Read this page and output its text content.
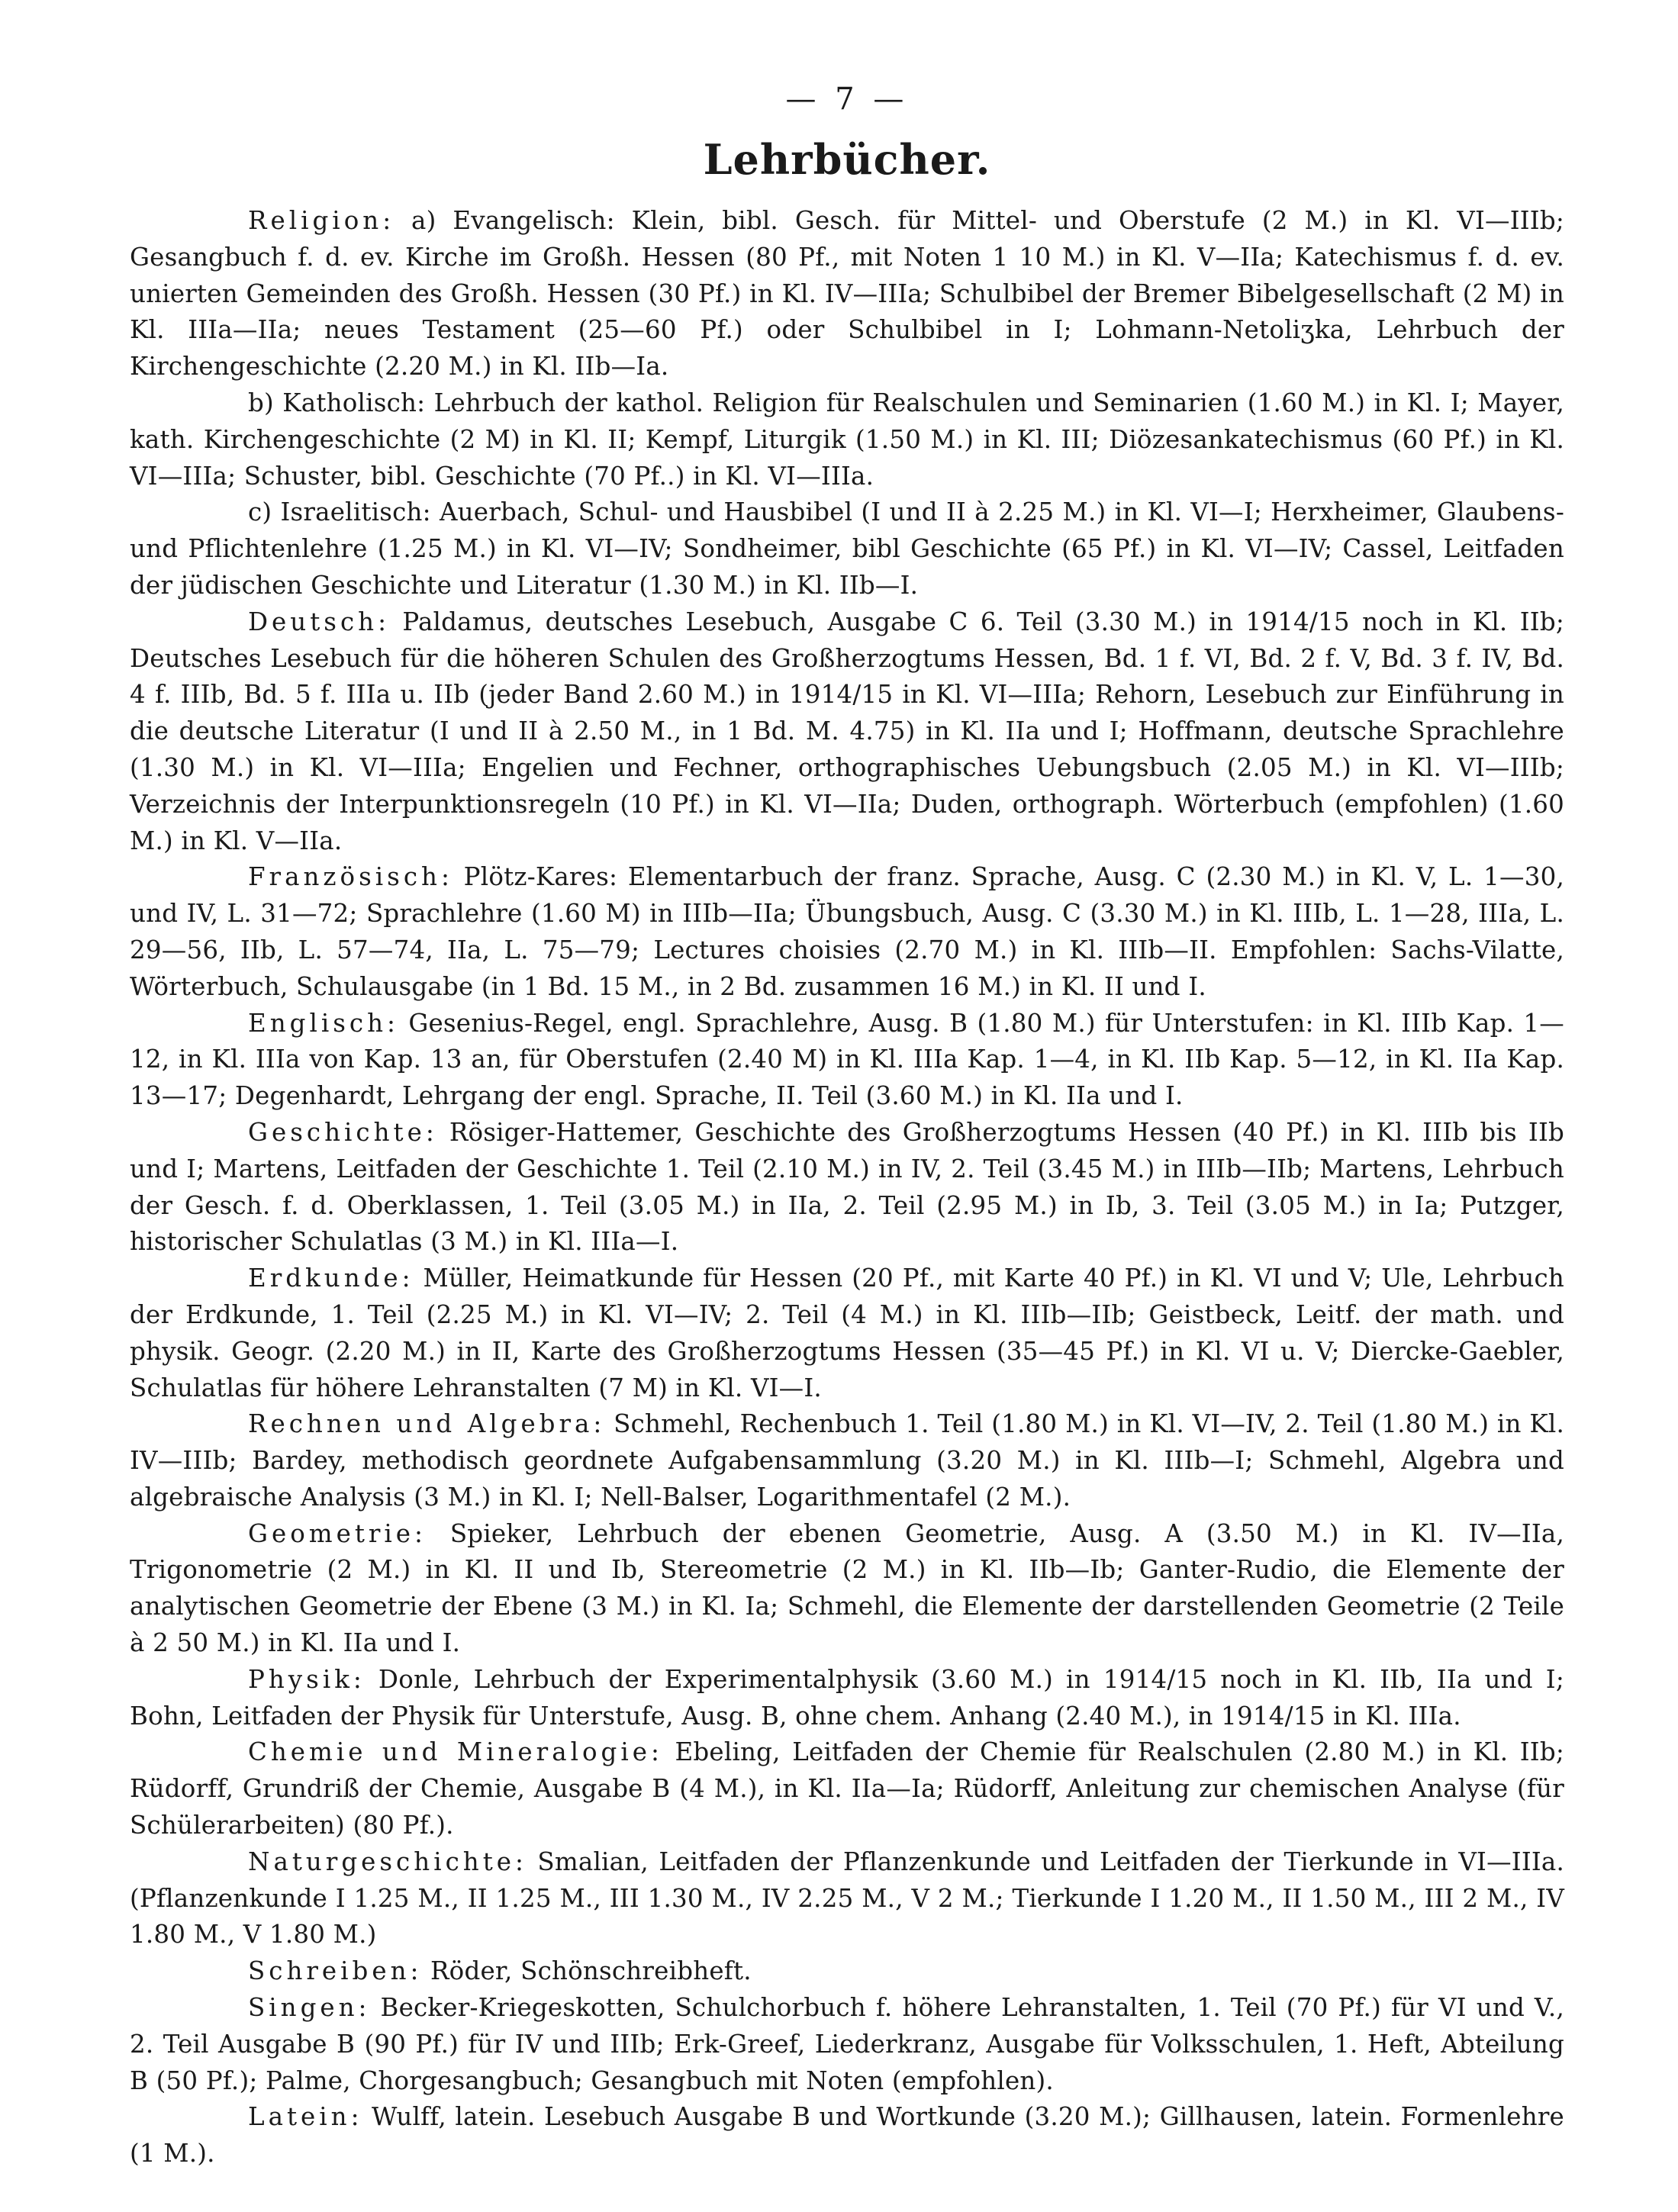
— 7 —
Lehrbücher.

Religion: a) Evangelisch: Klein, bibl. Gesch. für Mittel- und Oberstufe (2 M.) in Kl. VI—IIIb; Gesangbuch f. d. ev. Kirche im Großh. Hessen (80 Pf., mit Noten 1 10 M.) in Kl. V—IIa; Katechismus f. d. ev. unierten Gemeinden des Großh. Hessen (30 Pf.) in Kl. IV—IIIa; Schulbibel der Bremer Bibelgesellschaft (2 M) in Kl. IIIa—IIa; neues Testament (25—60 Pf.) oder Schulbibel in I; Lohmann-Netoliʒka, Lehrbuch der Kirchengeschichte (2.20 M.) in Kl. IIb—Ia.

b) Katholisch: Lehrbuch der kathol. Religion für Realschulen und Seminarien (1.60 M.) in Kl. I; Mayer, kath. Kirchengeschichte (2 M) in Kl. II; Kempf, Liturgik (1.50 M.) in Kl. III; Diözesankatechismus (60 Pf.) in Kl. VI—IIIa; Schuster, bibl. Geschichte (70 Pf..) in Kl. VI—IIIa.

c) Israelitisch: Auerbach, Schul- und Hausbibel (I und II à 2.25 M.) in Kl. VI—I; Herxheimer, Glaubens- und Pflichtenlehre (1.25 M.) in Kl. VI—IV; Sondheimer, bibl Geschichte (65 Pf.) in Kl. VI—IV; Cassel, Leitfaden der jüdischen Geschichte und Literatur (1.30 M.) in Kl. IIb—I.

Deutsch: Paldamus, deutsches Lesebuch, Ausgabe C 6. Teil (3.30 M.) in 1914/15 noch in Kl. IIb; Deutsches Lesebuch für die höheren Schulen des Großherzogtums Hessen, Bd. 1 f. VI, Bd. 2 f. V, Bd. 3 f. IV, Bd. 4 f. IIIb, Bd. 5 f. IIIa u. IIb (jeder Band 2.60 M.) in 1914/15 in Kl. VI—IIIa; Rehorn, Lesebuch zur Einführung in die deutsche Literatur (I und II à 2.50 M., in 1 Bd. M. 4.75) in Kl. IIa und I; Hoffmann, deutsche Sprachlehre (1.30 M.) in Kl. VI—IIIa; Engelien und Fechner, orthographisches Uebungsbuch (2.05 M.) in Kl. VI—IIIb; Verzeichnis der Interpunktionsregeln (10 Pf.) in Kl. VI—IIa; Duden, orthograph. Wörterbuch (empfohlen) (1.60 M.) in Kl. V—IIa.

Französisch: Plötz-Kares: Elementarbuch der franz. Sprache, Ausg. C (2.30 M.) in Kl. V, L. 1—30, und IV, L. 31—72; Sprachlehre (1.60 M) in IIIb—IIa; Übungsbuch, Ausg. C (3.30 M.) in Kl. IIIb, L. 1—28, IIIa, L. 29—56, IIb, L. 57—74, IIa, L. 75—79; Lectures choisies (2.70 M.) in Kl. IIIb—II. Empfohlen: Sachs-Vilatte, Wörterbuch, Schulausgabe (in 1 Bd. 15 M., in 2 Bd. zusammen 16 M.) in Kl. II und I.

Englisch: Gesenius-Regel, engl. Sprachlehre, Ausg. B (1.80 M.) für Unterstufen: in Kl. IIIb Kap. 1—12, in Kl. IIIa von Kap. 13 an, für Oberstufen (2.40 M) in Kl. IIIa Kap. 1—4, in Kl. IIb Kap. 5—12, in Kl. IIa Kap. 13—17; Degenhardt, Lehrgang der engl. Sprache, II. Teil (3.60 M.) in Kl. IIa und I.

Geschichte: Rösiger-Hattemer, Geschichte des Großherzogtums Hessen (40 Pf.) in Kl. IIIb bis IIb und I; Martens, Leitfaden der Geschichte 1. Teil (2.10 M.) in IV, 2. Teil (3.45 M.) in IIIb—IIb; Martens, Lehrbuch der Gesch. f. d. Oberklassen, 1. Teil (3.05 M.) in IIa, 2. Teil (2.95 M.) in Ib, 3. Teil (3.05 M.) in Ia; Putzger, historischer Schulatlas (3 M.) in Kl. IIIa—I.

Erdkunde: Müller, Heimatkunde für Hessen (20 Pf., mit Karte 40 Pf.) in Kl. VI und V; Ule, Lehrbuch der Erdkunde, 1. Teil (2.25 M.) in Kl. VI—IV; 2. Teil (4 M.) in Kl. IIIb—IIb; Geistbeck, Leitf. der math. und physik. Geogr. (2.20 M.) in II, Karte des Großherzogtums Hessen (35—45 Pf.) in Kl. VI u. V; Diercke-Gaebler, Schulatlas für höhere Lehranstalten (7 M) in Kl. VI—I.

Rechnen und Algebra: Schmehl, Rechenbuch 1. Teil (1.80 M.) in Kl. VI—IV, 2. Teil (1.80 M.) in Kl. IV—IIIb; Bardey, methodisch geordnete Aufgabensammlung (3.20 M.) in Kl. IIIb—I; Schmehl, Algebra und algebraische Analysis (3 M.) in Kl. I; Nell-Balser, Logarithmentafel (2 M.).

Geometrie: Spieker, Lehrbuch der ebenen Geometrie, Ausg. A (3.50 M.) in Kl. IV—IIa, Trigonometrie (2 M.) in Kl. II und Ib, Stereometrie (2 M.) in Kl. IIb—Ib; Ganter-Rudio, die Elemente der analytischen Geometrie der Ebene (3 M.) in Kl. Ia; Schmehl, die Elemente der darstellenden Geometrie (2 Teile à 2 50 M.) in Kl. IIa und I.

Physik: Donle, Lehrbuch der Experimentalphysik (3.60 M.) in 1914/15 noch in Kl. IIb, IIa und I; Bohn, Leitfaden der Physik für Unterstufe, Ausg. B, ohne chem. Anhang (2.40 M.), in 1914/15 in Kl. IIIa.

Chemie und Mineralogie: Ebeling, Leitfaden der Chemie für Realschulen (2.80 M.) in Kl. IIb; Rüdorff, Grundriß der Chemie, Ausgabe B (4 M.), in Kl. IIa—Ia; Rüdorff, Anleitung zur chemischen Analyse (für Schülerarbeiten) (80 Pf.).

Naturgeschichte: Smalian, Leitfaden der Pflanzenkunde und Leitfaden der Tierkunde in VI—IIIa. (Pflanzenkunde I 1.25 M., II 1.25 M., III 1.30 M., IV 2.25 M., V 2 M.; Tierkunde I 1.20 M., II 1.50 M., III 2 M., IV 1.80 M., V 1.80 M.)

Schreiben: Röder, Schönschreibheft.

Singen: Becker-Kriegeskotten, Schulchorbuch f. höhere Lehranstalten, 1. Teil (70 Pf.) für VI und V., 2. Teil Ausgabe B (90 Pf.) für IV und IIIb; Erk-Greef, Liederkranz, Ausgabe für Volksschulen, 1. Heft, Abteilung B (50 Pf.); Palme, Chorgesangbuch; Gesangbuch mit Noten (empfohlen).

Latein: Wulff, latein. Lesebuch Ausgabe B und Wortkunde (3.20 M.); Gillhausen, latein. Formenlehre (1 M.).
